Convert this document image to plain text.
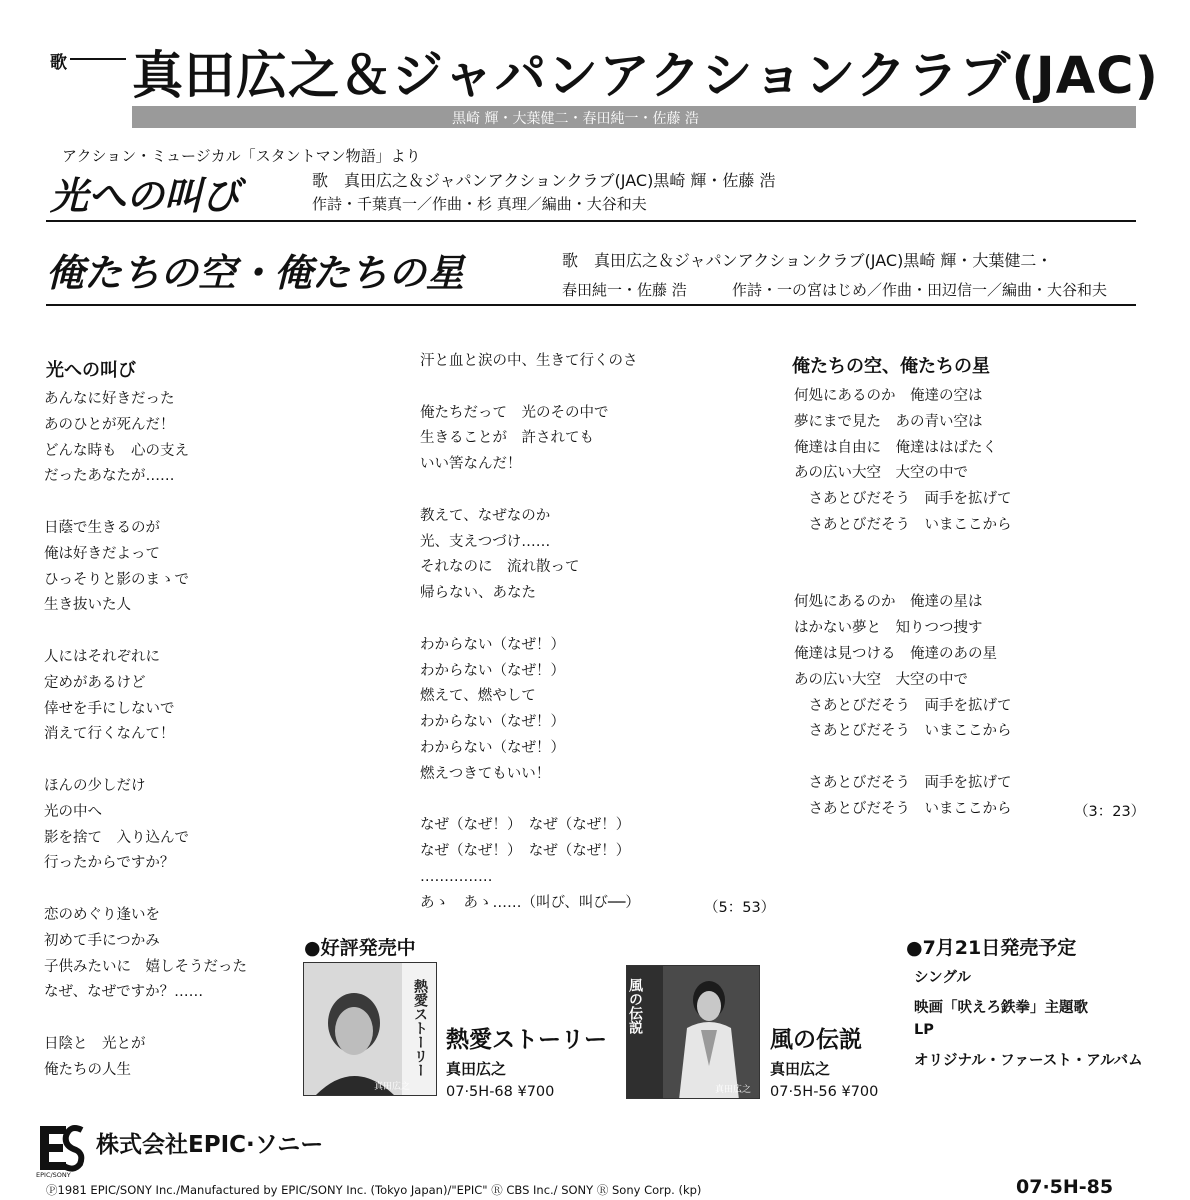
歌 真田広之＆ジャパンアクションクラブ(JAC)
黒崎 輝・大葉健二・春田純一・佐藤 浩
アクション・ミュージカル「スタントマン物語」より
光への叫び	歌　真田広之＆ジャパンアクションクラブ(JAC)黒崎 輝・佐藤 浩
作詩・千葉真一／作曲・杉 真理／編曲・大谷和夫
俺たちの空・俺たちの星	歌　真田広之＆ジャパンアクションクラブ(JAC)黒崎 輝・大葉健二・
春田純一・佐藤 浩	作詩・一の宮はじめ／作曲・田辺信一／編曲・大谷和夫
光への叫び
あんなに好きだった
あのひとが死んだ！
どんな時も　心の支え
だったあなたが……
日蔭で生きるのが
俺は好きだよって
ひっそりと影のまゝで
生き抜いた人
人にはそれぞれに
定めがあるけど
倖せを手にしないで
消えて行くなんて！
ほんの少しだけ
光の中へ
影を捨て　入り込んで
行ったからですか？
恋のめぐり逢いを
初めて手につかみ
子供みたいに　嬉しそうだった
なぜ、なぜですか？……
日陰と　光とが
俺たちの人生
汗と血と涙の中、生きて行くのさ
俺たちだって　光のその中で
生きることが　許されても
いい筈なんだ！
教えて、なぜなのか
光、支えつづけ……
それなのに　流れ散って
帰らない、あなた
わからない（なぜ！）
わからない（なぜ！）
燃えて、燃やして
わからない（なぜ！）
わからない（なぜ！）
燃えつきてもいい！
なぜ（なぜ！）　なぜ（なぜ！）
なぜ（なぜ！）　なぜ（なぜ！）
……………
あゝ　あゝ……（叫び、叫び──）	（5：53）
俺たちの空、俺たちの星
何処にあるのか　俺達の空は
夢にまで見た　あの青い空は
俺達は自由に　俺達ははばたく
あの広い大空　大空の中で
　さあとびだそう　両手を拡げて
　さあとびだそう　いまここから
何処にあるのか　俺達の星は
はかない夢と　知りつつ捜す
俺達は見つける　俺達のあの星
あの広い大空　大空の中で
　さあとびだそう　両手を拡げて
　さあとびだそう　いまここから
　さあとびだそう　両手を拡げて
　さあとびだそう　いまここから	（3：23）
●好評発売中
熱愛ストーリー
真田広之
熱愛ストーリー
真田広之
07·5H-68 ¥700
風の伝説
真田広之
風の伝説
真田広之
07·5H-56 ¥700
●7月21日発売予定
シングル
映画「吠えろ鉄拳」主題歌
LP
オリジナル・ファースト・アルバム
EPIC/SONY
株式会社EPIC·ソニー
Ⓟ1981 EPIC/SONY Inc./Manufactured by EPIC/SONY Inc. (Tokyo Japan)/"EPIC" Ⓡ CBS Inc./ SONY Ⓡ Sony Corp. (kp)	07·5H-85
